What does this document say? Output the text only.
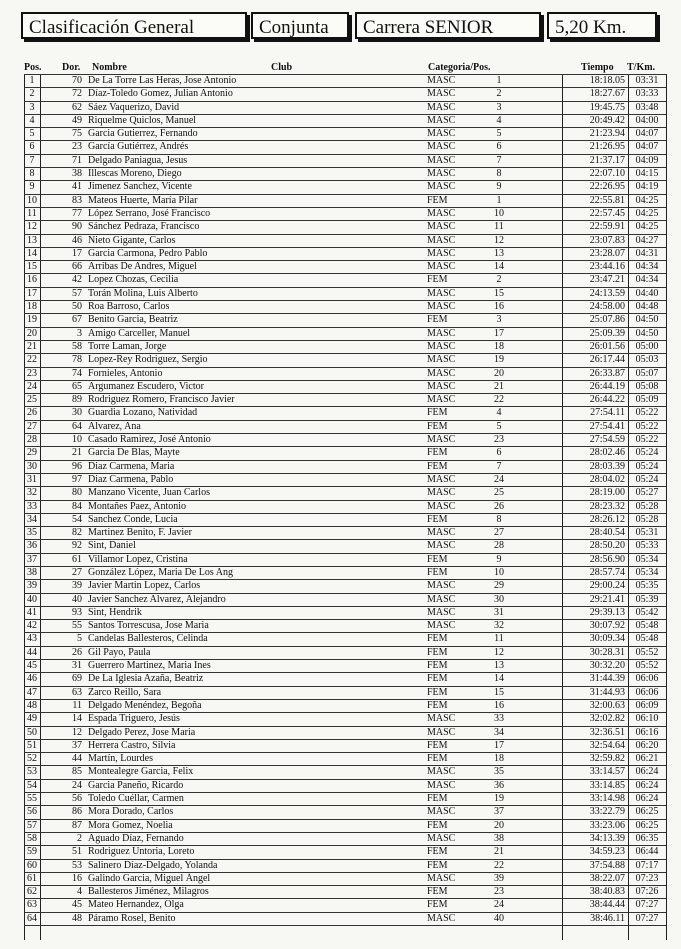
Clasificación General	Conjunta	Carrera SENIOR	5,20 Km.
Pos. Dor. Nombre	Club	Categoria/Pos.	Tiempo T/Km.
1	70 De La Torre Las Heras, Jose Antonio	MASC	1	18:18.05	03:31
2	72 Díaz-Toledo Gomez, Julian Antonio	MASC	2	18:27.67	03:33
3	62 Sáez Vaquerizo, David	MASC	3	19:45.75	03:48
4	49 Riquelme Quiclos, Manuel	MASC	4	20:49.42	04:00
5	75 Garcia Gutierrez, Fernando	MASC	5	21:23.94	04:07
6	23 García Gutiérrez, Andrés	MASC	6	21:26.95	04:07
7	71 Delgado Paniagua, Jesus	MASC	7	21:37.17	04:09
8	38 Illescas Moreno, Diego	MASC	8	22:07.10	04:15
9	41 Jimenez Sanchez, Vicente	MASC	9	22:26.95	04:19
10	83 Mateos Huerte, María Pilar	FEM	1	22:55.81	04:25
11	77 López Serrano, José Francisco	MASC	10	22:57.45	04:25
12	90 Sánchez Pedraza, Francisco	MASC	11	22:59.91	04:25
13	46 Nieto Gigante, Carlos	MASC	12	23:07.83	04:27
14	17 Garcia Carmona, Pedro Pablo	MASC	13	23:28.07	04:31
15	66 Arribas De Andres, Miguel	MASC	14	23:44.16	04:34
16	42 Lopez Chozas, Cecilia	FEM	2	23:47.21	04:34
17	57 Torán Molina, Luis Alberto	MASC	15	24:13.59	04:40
18	50 Roa Barroso, Carlos	MASC	16	24:58.00	04:48
19	67 Benito Garcia, Beatriz	FEM	3	25:07.86	04:50
20	3 Amigo Carceller, Manuel	MASC	17	25:09.39	04:50
21	58 Torre Laman, Jorge	MASC	18	26:01.56	05:00
22	78 Lopez-Rey Rodriguez, Sergio	MASC	19	26:17.44	05:03
23	74 Fornieles, Antonio	MASC	20	26:33.87	05:07
24	65 Argumanez Escudero, Victor	MASC	21	26:44.19	05:08
25	89 Rodriguez Romero, Francisco Javier	MASC	22	26:44.22	05:09
26	30 Guardia Lozano, Natividad	FEM	4	27:54.11	05:22
27	64 Alvarez, Ana	FEM	5	27:54.41	05:22
28	10 Casado Ramirez, José Antonio	MASC	23	27:54.59	05:22
29	21 Garcia De Blas, Mayte	FEM	6	28:02.46	05:24
30	96 Diaz Carmena, Maria	FEM	7	28:03.39	05:24
31	97 Diaz Carmena, Pablo	MASC	24	28:04.02	05:24
32	80 Manzano Vicente, Juan Carlos	MASC	25	28:19.00	05:27
33	84 Montañes Paez, Antonio	MASC	26	28:23.32	05:28
34	54 Sanchez Conde, Lucia	FEM	8	28:26.12	05:28
35	82 Martinez Benito, F. Javier	MASC	27	28:40.54	05:31
36	92 Sint, Daniel	MASC	28	28:50.20	05:33
37	61 Villamor Lopez, Cristina	FEM	9	28:56.90	05:34
38	27 González López, Maria De Los Ang	FEM	10	28:57.74	05:34
39	39 Javier Martin Lopez, Carlos	MASC	29	29:00.24	05:35
40	40 Javier Sanchez Alvarez, Alejandro	MASC	30	29:21.41	05:39
41	93 Sint, Hendrik	MASC	31	29:39.13	05:42
42	55 Santos Torrescusa, Jose Maria	MASC	32	30:07.92	05:48
43	5 Candelas Ballesteros, Celinda	FEM	11	30:09.34	05:48
44	26 Gil Payo, Paula	FEM	12	30:28.31	05:52
45	31 Guerrero Martinez, Maria Ines	FEM	13	30:32.20	05:52
46	69 De La Iglesia Azaña, Beatriz	FEM	14	31:44.39	06:06
47	63 Zarco Reillo, Sara	FEM	15	31:44.93	06:06
48	11 Delgado Menéndez, Begoña	FEM	16	32:00.63	06:09
49	14 Espada Triguero, Jesús	MASC	33	32:02.82	06:10
50	12 Delgado Perez, Jose Maria	MASC	34	32:36.51	06:16
51	37 Herrera Castro, Silvia	FEM	17	32:54.64	06:20
52	44 Martín, Lourdes	FEM	18	32:59.82	06:21
53	85 Montealegre Garcia, Felix	MASC	35	33:14.57	06:24
54	24 Garcia Paneño, Ricardo	MASC	36	33:14.85	06:24
55	56 Toledo Cuéllar, Carmen	FEM	19	33:14.98	06:24
56	86 Mora Dorado, Carlos	MASC	37	33:22.79	06:25
57	87 Mora Gomez, Noelia	FEM	20	33:23.06	06:25
58	2 Aguado Díaz, Fernando	MASC	38	34:13.39	06:35
59	51 Rodriguez Untoria, Loreto	FEM	21	34:59.23	06:44
60	53 Salinero Díaz-Delgado, Yolanda	FEM	22	37:54.88	07:17
61	16 Galindo Garcia, Miguel Ángel	MASC	39	38:22.07	07:23
62	4 Ballesteros Jiménez, Milagros	FEM	23	38:40.83	07:26
63	45 Mateo Hernandez, Olga	FEM	24	38:44.44	07:27
64	48 Páramo Rosel, Benito	MASC	40	38:46.11	07:27
